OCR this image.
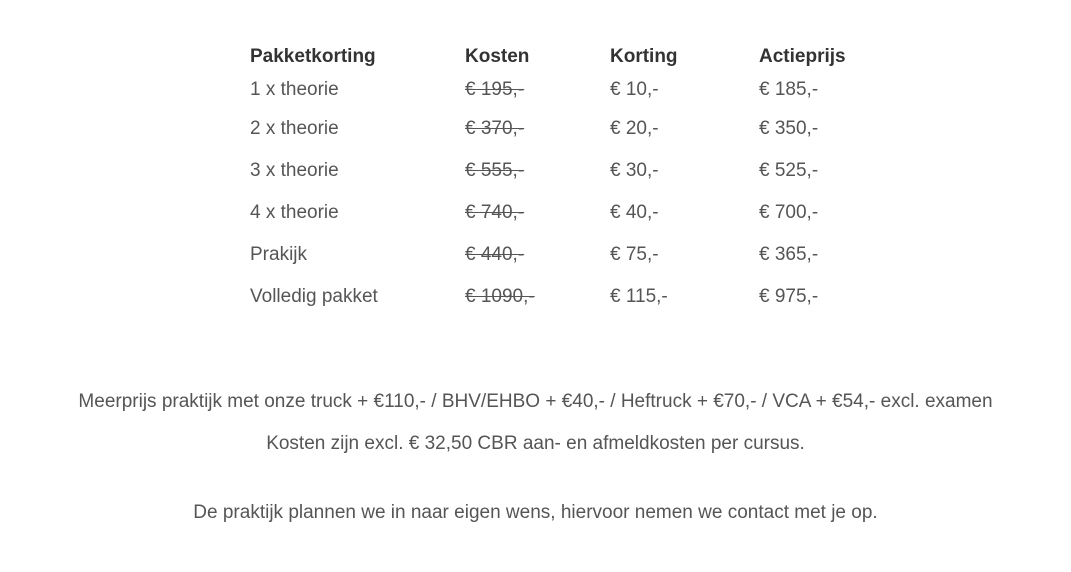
Pakketkorting	Kosten	Korting	Actieprijs
1 x theorie	€ 195,-	€ 10,-	€ 185,-
2 x theorie	€ 370,-	€ 20,-	€ 350,-
3 x theorie	€ 555,-	€ 30,-	€ 525,-
4 x theorie	€ 740,-	€ 40,-	€ 700,-
Prakijk	€ 440,-	€ 75,-	€ 365,-
Volledig pakket	€ 1090,-	€ 115,-	€ 975,-

Meerprijs praktijk met onze truck + €110,- / BHV/EHBO + €40,- / Heftruck + €70,- / VCA + €54,- excl. examen

Kosten zijn excl. € 32,50 CBR aan- en afmeldkosten per cursus.

De praktijk plannen we in naar eigen wens, hiervoor nemen we contact met je op.
